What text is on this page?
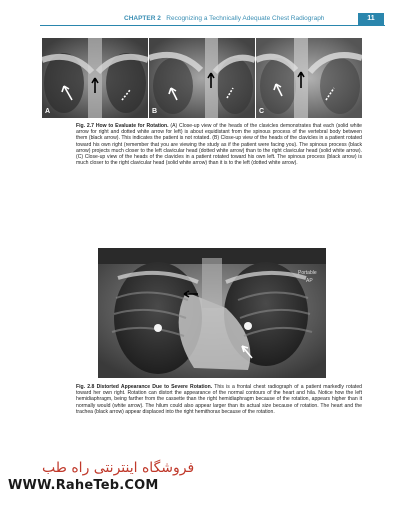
CHAPTER 2 Recognizing a Technically Adequate Chest Radiograph	11
A	B	C
Fig. 2.7 How to Evaluate for Rotation. (A) Close-up view of the heads of the clavicles demonstrates that each (solid white arrow for right and dotted white arrow for left) is about equidistant from the spinous process of the vertebral body between them (black arrow). This indicates the patient is not rotated. (B) Close-up view of the heads of the clavicles in a patient rotated toward his own right (remember that you are viewing the study as if the patient were facing you). The spinous process (black arrow) projects much closer to the left clavicular head (dotted white arrow) than to the right clavicular head (solid white arrow). (C) Close-up view of the heads of the clavicles in a patient rotated toward his own left. The spinous process (black arrow) is much closer to the right clavicular head (solid white arrow) than it is to the left (dotted white arrow).
Portable
AP
Fig. 2.8 Distorted Appearance Due to Severe Rotation. This is a frontal chest radiograph of a patient markedly rotated toward her own right. Rotation can distort the appearance of the normal contours of the heart and hila. Notice how the left hemidiaphragm, being farther from the cassette than the right hemidiaphragm because of the rotation, appears higher than it normally would (white arrow). The hilum could also appear larger than its actual size because of rotation. The heart and the trachea (black arrow) appear displaced into the right hemithorax because of the rotation.
فروشگاه اینترنتی راه طب
WWW.RaheTeb.COM
